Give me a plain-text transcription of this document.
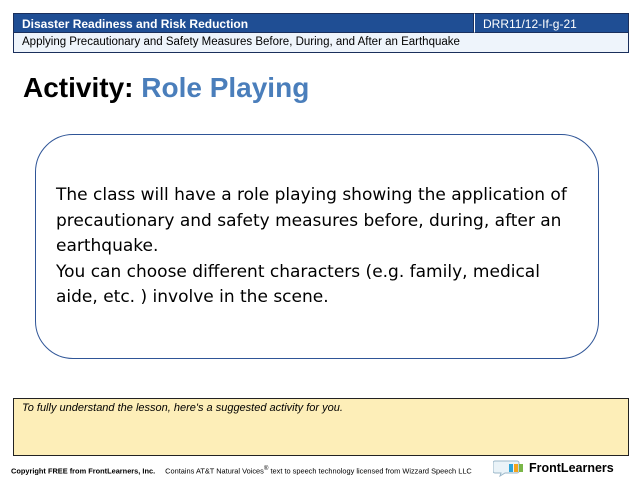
Disaster Readiness and Risk Reduction	DRR11/12-If-g-21
Applying Precautionary and Safety Measures Before, During, and After an Earthquake
Activity: Role Playing

The class will have a role playing showing the application of precautionary and safety measures before, during, after an earthquake.

You can choose different characters (e.g. family, medical aide, etc. ) involve in the scene.

To fully understand the lesson, here's a suggested activity for you.
Copyright FREE from FrontLearners, Inc. Contains AT&T Natural Voices® text to speech technology licensed from Wizzard Speech LLC	FrontLearners
